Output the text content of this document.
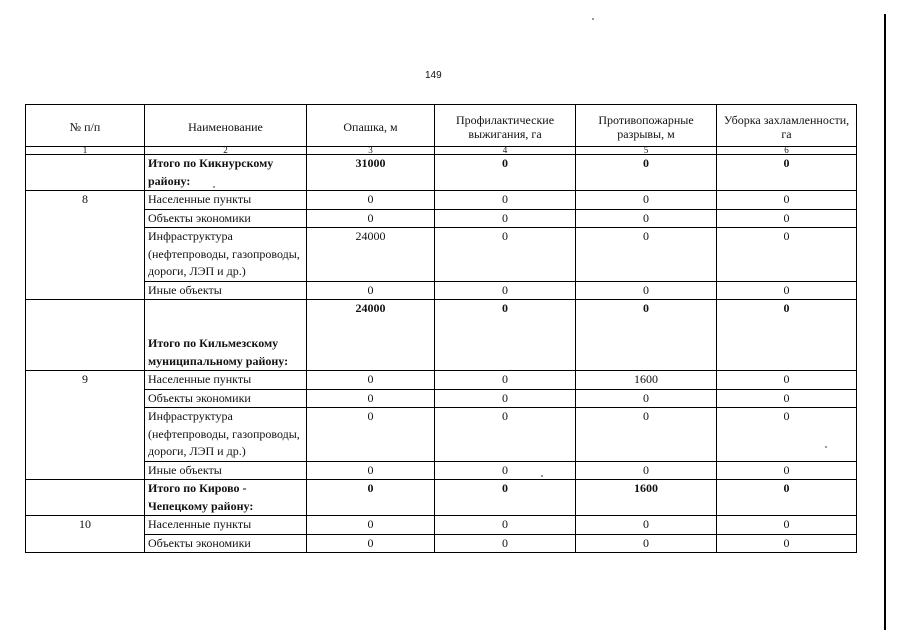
149
№ п/п	Наименование	Опашка, м	Профилактические выжигания, га	Противопожарные разрывы, м	Уборка захламленности, га
1	2	3	4	5	6
	Итого по Кикнурскому району:	31000	0	0	0
8	Населенные пункты	0	0	0	0
	Объекты экономики	0	0	0	0
	Инфраструктура (нефтепроводы, газопроводы, дороги, ЛЭП и др.)	24000	0	0	0
	Иные объекты	0	0	0	0
	Итого по Кильмезскому муниципальному району:	24000	0	0	0
9	Населенные пункты	0	0	1600	0
	Объекты экономики	0	0	0	0
	Инфраструктура (нефтепроводы, газопроводы, дороги, ЛЭП и др.)	0	0	0	0
	Иные объекты	0	0	0	0
	Итого по Кирово - Чепецкому району:	0	0	1600	0
10	Населенные пункты	0	0	0	0
	Объекты экономики	0	0	0	0
